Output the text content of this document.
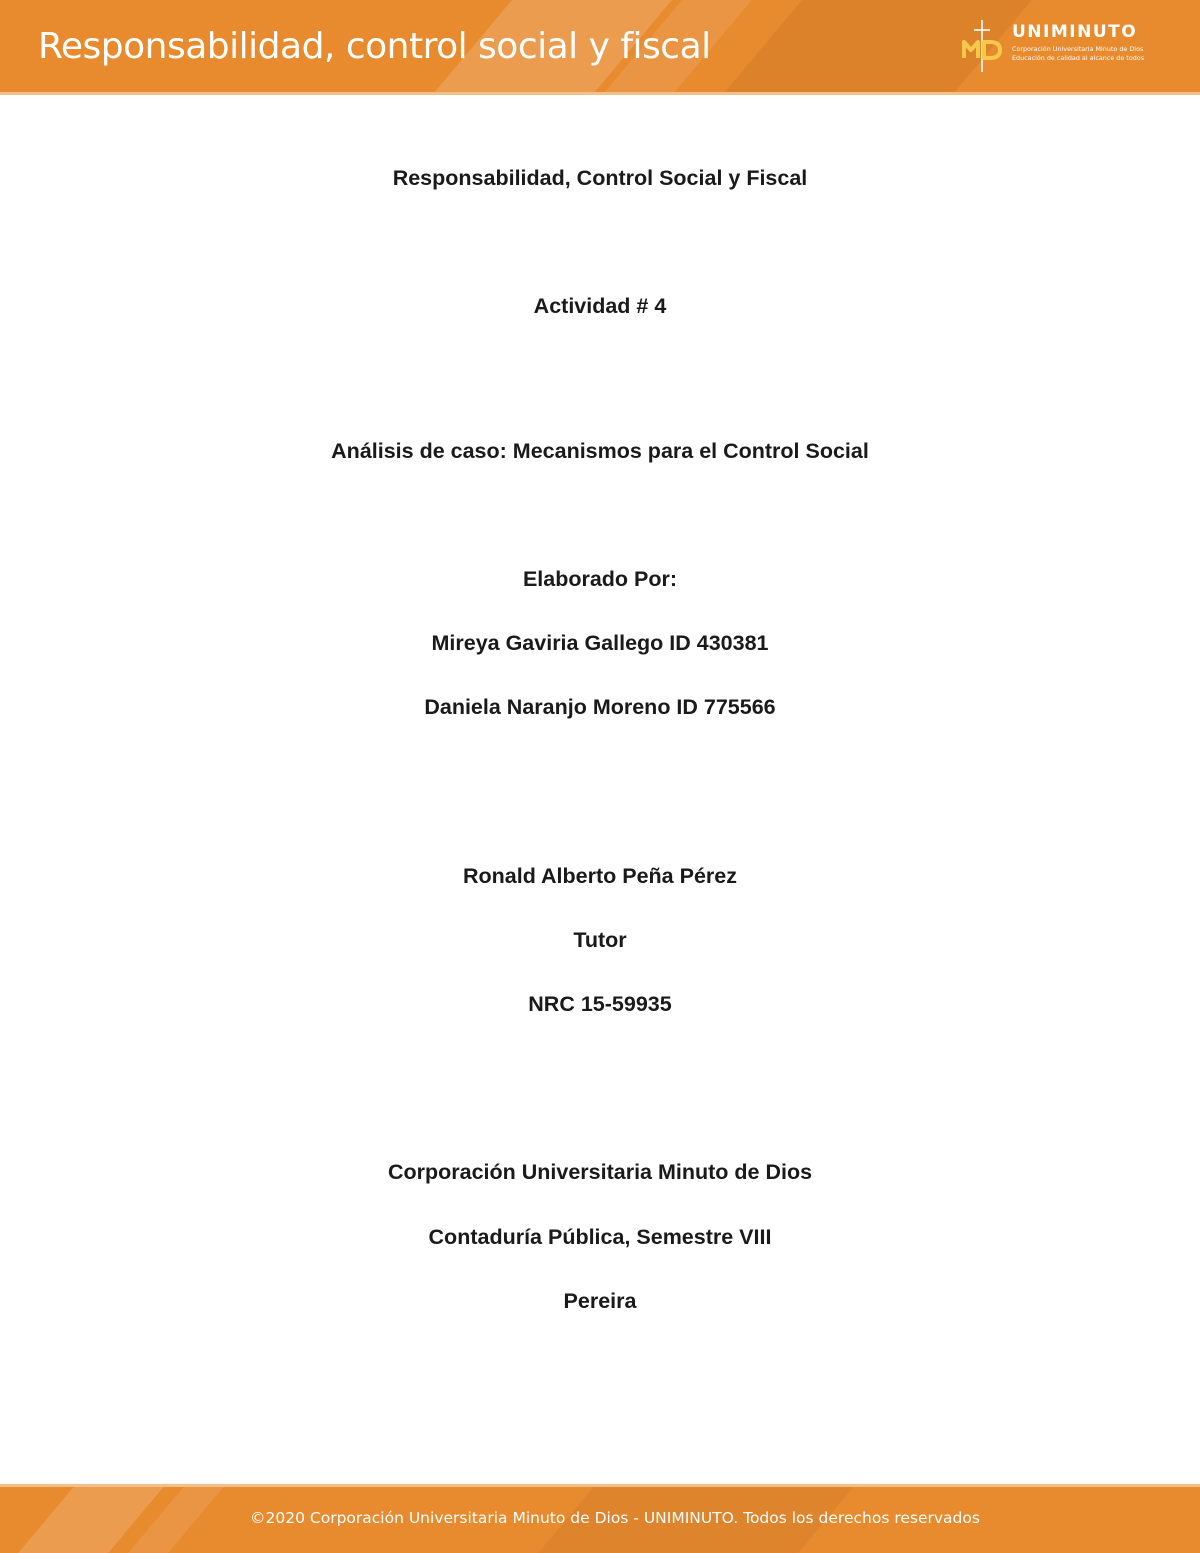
Responsabilidad, control social y fiscal	UNIMINUTO
Corporación Universitaria Minuto de Dios
Educación de calidad al alcance de todos
Responsabilidad, Control Social y Fiscal
Actividad # 4
Análisis de caso: Mecanismos para el Control Social
Elaborado Por:
Mireya Gaviria Gallego ID 430381
Daniela Naranjo Moreno ID 775566
Ronald Alberto Peña Pérez
Tutor
NRC 15-59935
Corporación Universitaria Minuto de Dios
Contaduría Pública, Semestre VIII
Pereira
©2020 Corporación Universitaria Minuto de Dios - UNIMINUTO. Todos los derechos reservados
